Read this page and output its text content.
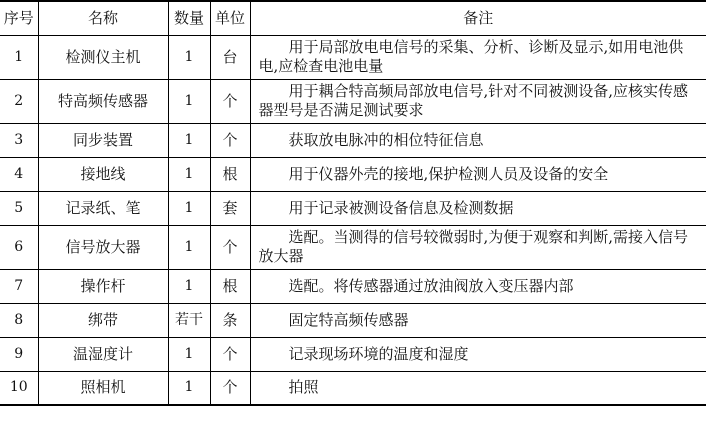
序号	名称	数量	单位	备注
1	检测仪主机	1	台	用于局部放电电信号的采集、分析、诊断及显示,如用电池供电,应检查电池电量
2	特高频传感器	1	个	用于耦合特高频局部放电信号,针对不同被测设备,应核实传感器型号是否满足测试要求
3	同步装置	1	个	获取放电脉冲的相位特征信息
4	接地线	1	根	用于仪器外壳的接地,保护检测人员及设备的安全
5	记录纸、笔	1	套	用于记录被测设备信息及检测数据
6	信号放大器	1	个	选配。当测得的信号较微弱时,为便于观察和判断,需接入信号放大器
7	操作杆	1	根	选配。将传感器通过放油阀放入变压器内部
8	绑带	若干	条	固定特高频传感器
9	温湿度计	1	个	记录现场环境的温度和湿度
10	照相机	1	个	拍照
